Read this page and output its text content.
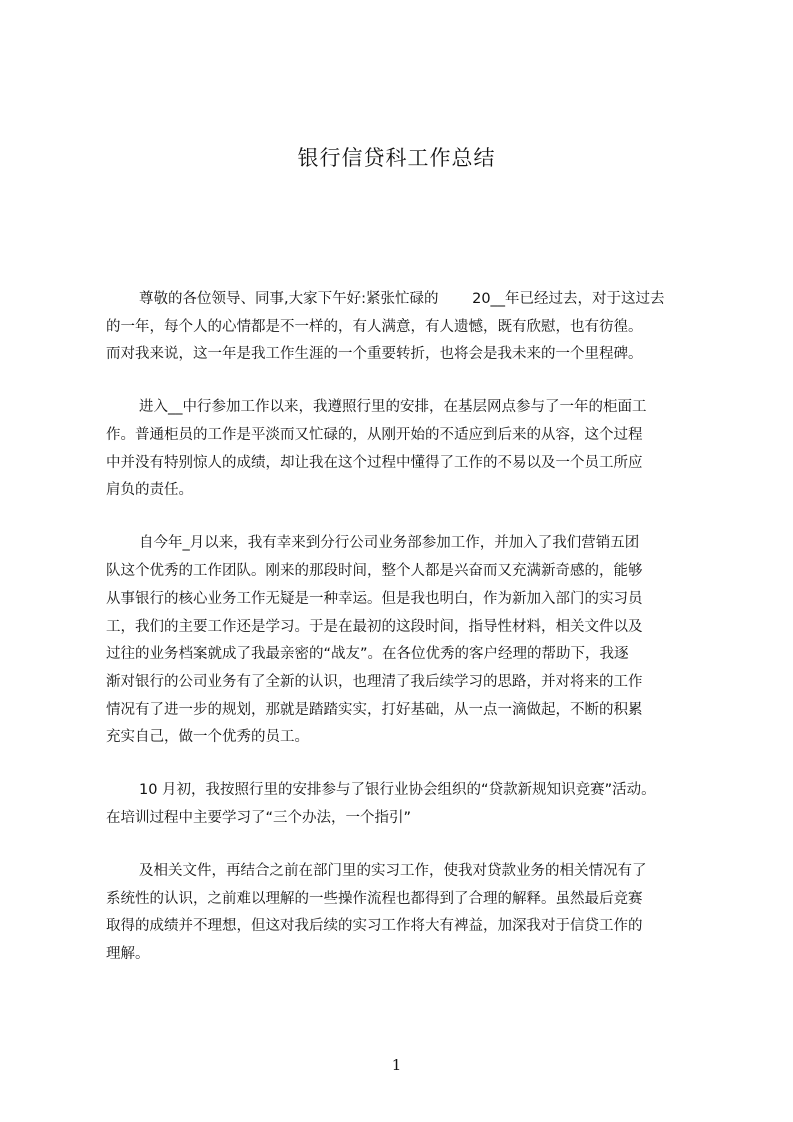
银行信贷科工作总结
尊敬的各位领导、同事,大家下午好:紧张忙碌的　　 20__年已经过去，对于这过去
的一年，每个人的心情都是不一样的，有人满意，有人遗憾，既有欣慰，也有彷徨。
而对我来说，这一年是我工作生涯的一个重要转折，也将会是我未来的一个里程碑。
进入__中行参加工作以来，我遵照行里的安排，在基层网点参与了一年的柜面工
作。普通柜员的工作是平淡而又忙碌的，从刚开始的不适应到后来的从容，这个过程
中并没有特别惊人的成绩，却让我在这个过程中懂得了工作的不易以及一个员工所应
肩负的责任。
自今年_月以来，我有幸来到分行公司业务部参加工作，并加入了我们营销五团
队这个优秀的工作团队。刚来的那段时间，整个人都是兴奋而又充满新奇感的，能够
从事银行的核心业务工作无疑是一种幸运。但是我也明白，作为新加入部门的实习员
工，我们的主要工作还是学习。于是在最初的这段时间，指导性材料，相关文件以及
过往的业务档案就成了我最亲密的“战友”。在各位优秀的客户经理的帮助下，我逐
渐对银行的公司业务有了全新的认识，也理清了我后续学习的思路，并对将来的工作
情况有了进一步的规划，那就是踏踏实实，打好基础，从一点一滴做起，不断的积累
充实自己，做一个优秀的员工。
10 月初，我按照行里的安排参与了银行业协会组织的“贷款新规知识竞赛”活动。
在培训过程中主要学习了“三个办法，一个指引”
及相关文件，再结合之前在部门里的实习工作，使我对贷款业务的相关情况有了
系统性的认识，之前难以理解的一些操作流程也都得到了合理的解释。虽然最后竞赛
取得的成绩并不理想，但这对我后续的实习工作将大有裨益，加深我对于信贷工作的
理解。
1
